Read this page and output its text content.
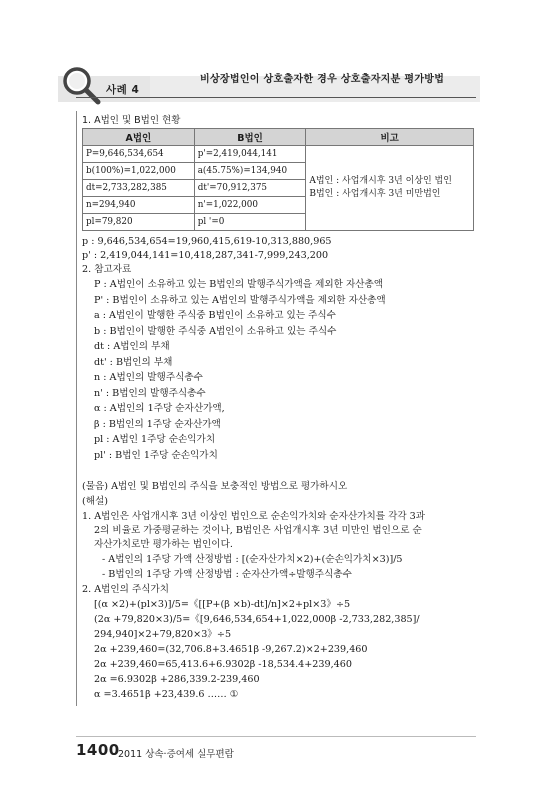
사례 4
비상장법인이 상호출자한 경우 상호출자지분 평가방법
1. A법인 및 B법인 현황
A법인	B법인	비고
P=9,646,534,654	p'=2,419,044,141	A법인 : 사업개시후 3년 이상인 법인
B법인 : 사업개시후 3년 미만법인

b(100%)=1,022,000	a(45.75%)=134,940	
dt=2,733,282,385	dt'=70,912,375	
n=294,940	n'=1,022,000	
pl=79,820	pl '=0	
p : 9,646,534,654=19,960,415,619-10,313,880,965
p' : 2,419,044,141=10,418,287,341-7,999,243,200
2. 참고자료
P : A법인이 소유하고 있는 B법인의 발행주식가액을 제외한 자산총액
P' : B법인이 소유하고 있는 A법인의 발행주식가액을 제외한 자산총액
a : A법인이 발행한 주식중 B법인이 소유하고 있는 주식수
b : B법인이 발행한 주식중 A법인이 소유하고 있는 주식수
dt : A법인의 부채
dt' : B법인의 부채
n : A법인의 발행주식총수
n' : B법인의 발행주식총수
α : A법인의 1주당 순자산가액,
β : B법인의 1주당 순자산가액
pl : A법인 1주당 순손익가치
pl' : B법인 1주당 순손익가치
(물음) A법인 및 B법인의 주식을 보충적인 방법으로 평가하시오
(해설)
1. A법인은 사업개시후 3년 이상인 법인으로 순손익가치와 순자산가치를 각각 3과
2의 비율로 가중평균하는 것이나, B법인은 사업개시후 3년 미만인 법인으로 순
자산가치로만 평가하는 법인이다.
- A법인의 1주당 가액 산정방법 : [(순자산가치×2)+(순손익가치×3)]/5
- B법인의 1주당 가액 산정방법 : 순자산가액÷발행주식총수
2. A법인의 주식가치
[(α ×2)+(pl×3)]/5=《[[P+(β ×b)-dt]/n]×2+pl×3》÷5
(2α +79,820×3)/5=《[9,646,534,654+1,022,000β -2,733,282,385]/
294,940]×2+79,820×3》÷5
2α +239,460=(32,706.8+3.4651β -9,267.2)×2+239,460
2α +239,460=65,413.6+6.9302β -18,534.4+239,460
2α =6.9302β +286,339.2-239,460
α =3.4651β +23,439.6 …… ①
1400
2011 상속·증여세 실무편람
